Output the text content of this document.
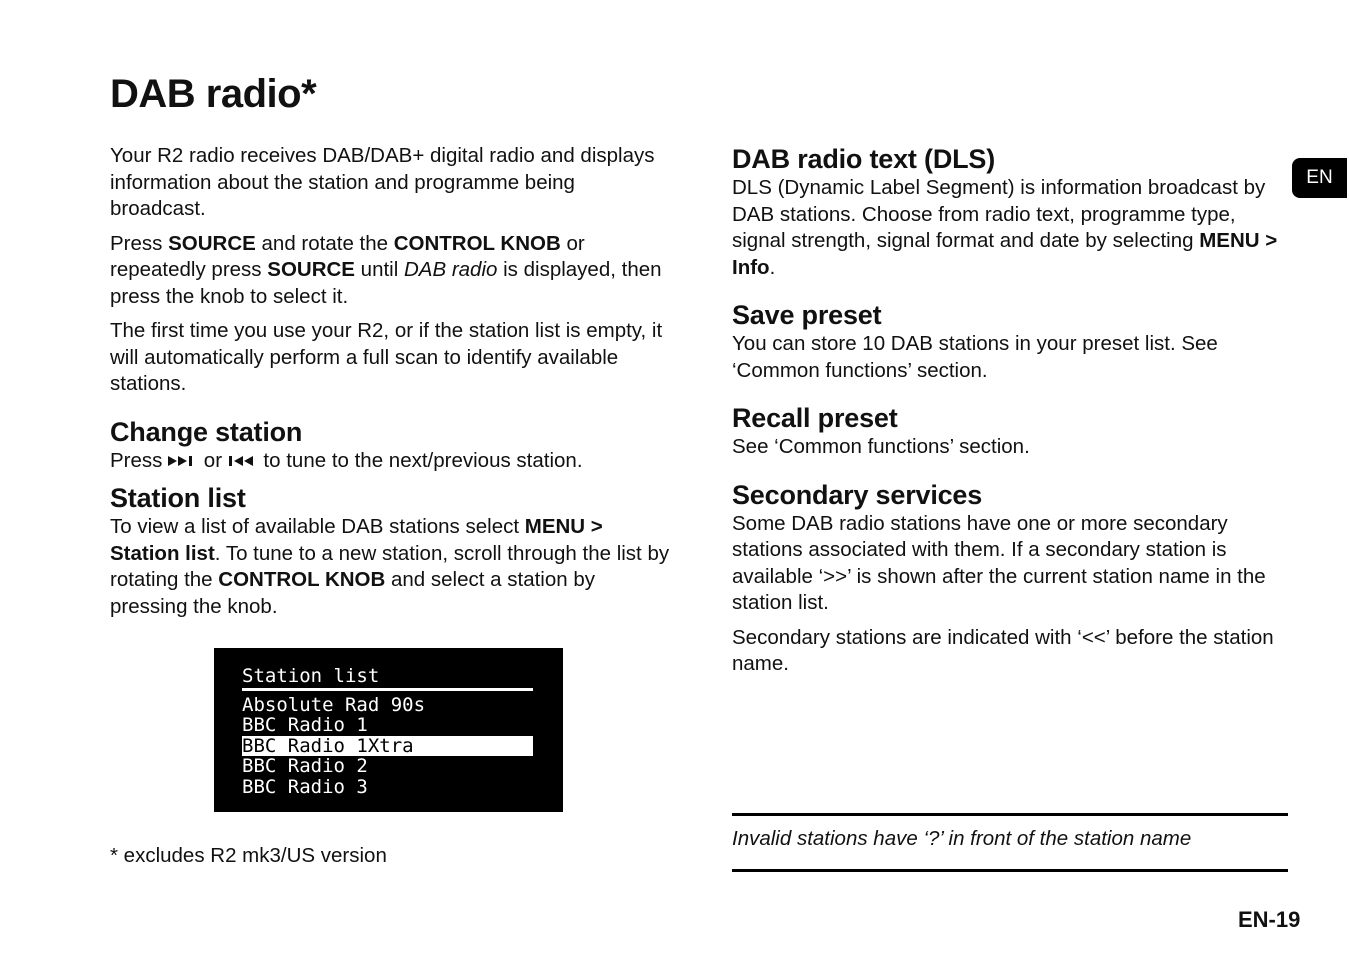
DAB radio*
EN

Your R2 radio receives DAB/DAB+ digital radio and displays information about the station and programme being broadcast.

Press SOURCE and rotate the CONTROL KNOB or repeatedly press SOURCE until DAB radio is displayed, then press the knob to select it.

The first time you use your R2, or if the station list is empty, it will automatically perform a full scan to identify available stations.

Change station

Press  or  to tune to the next/previous station.

Station list

To view a list of available DAB stations select MENU > Station list. To tune to a new station, scroll through the list by rotating the CONTROL KNOB and select a station by pressing the knob.

Station list
Absolute Rad 90s
BBC Radio 1
BBC Radio 1Xtra
BBC Radio 2
BBC Radio 3
* excludes R2 mk3/US version
DAB radio text (DLS)

DLS (Dynamic Label Segment) is information broadcast by DAB stations. Choose from radio text, programme type, signal strength, signal format and date by selecting MENU > Info.

Save preset

You can store 10 DAB stations in your preset list. See ‘Common functions’ section.

Recall preset

See ‘Common functions’ section.

Secondary services

Some DAB radio stations have one or more secondary stations associated with them. If a secondary station is available ‘>>’ is shown after the current station name in the station list.

Secondary stations are indicated with ‘<<’ before the station name.

Invalid stations have ‘?’ in front of the station name
EN-19
